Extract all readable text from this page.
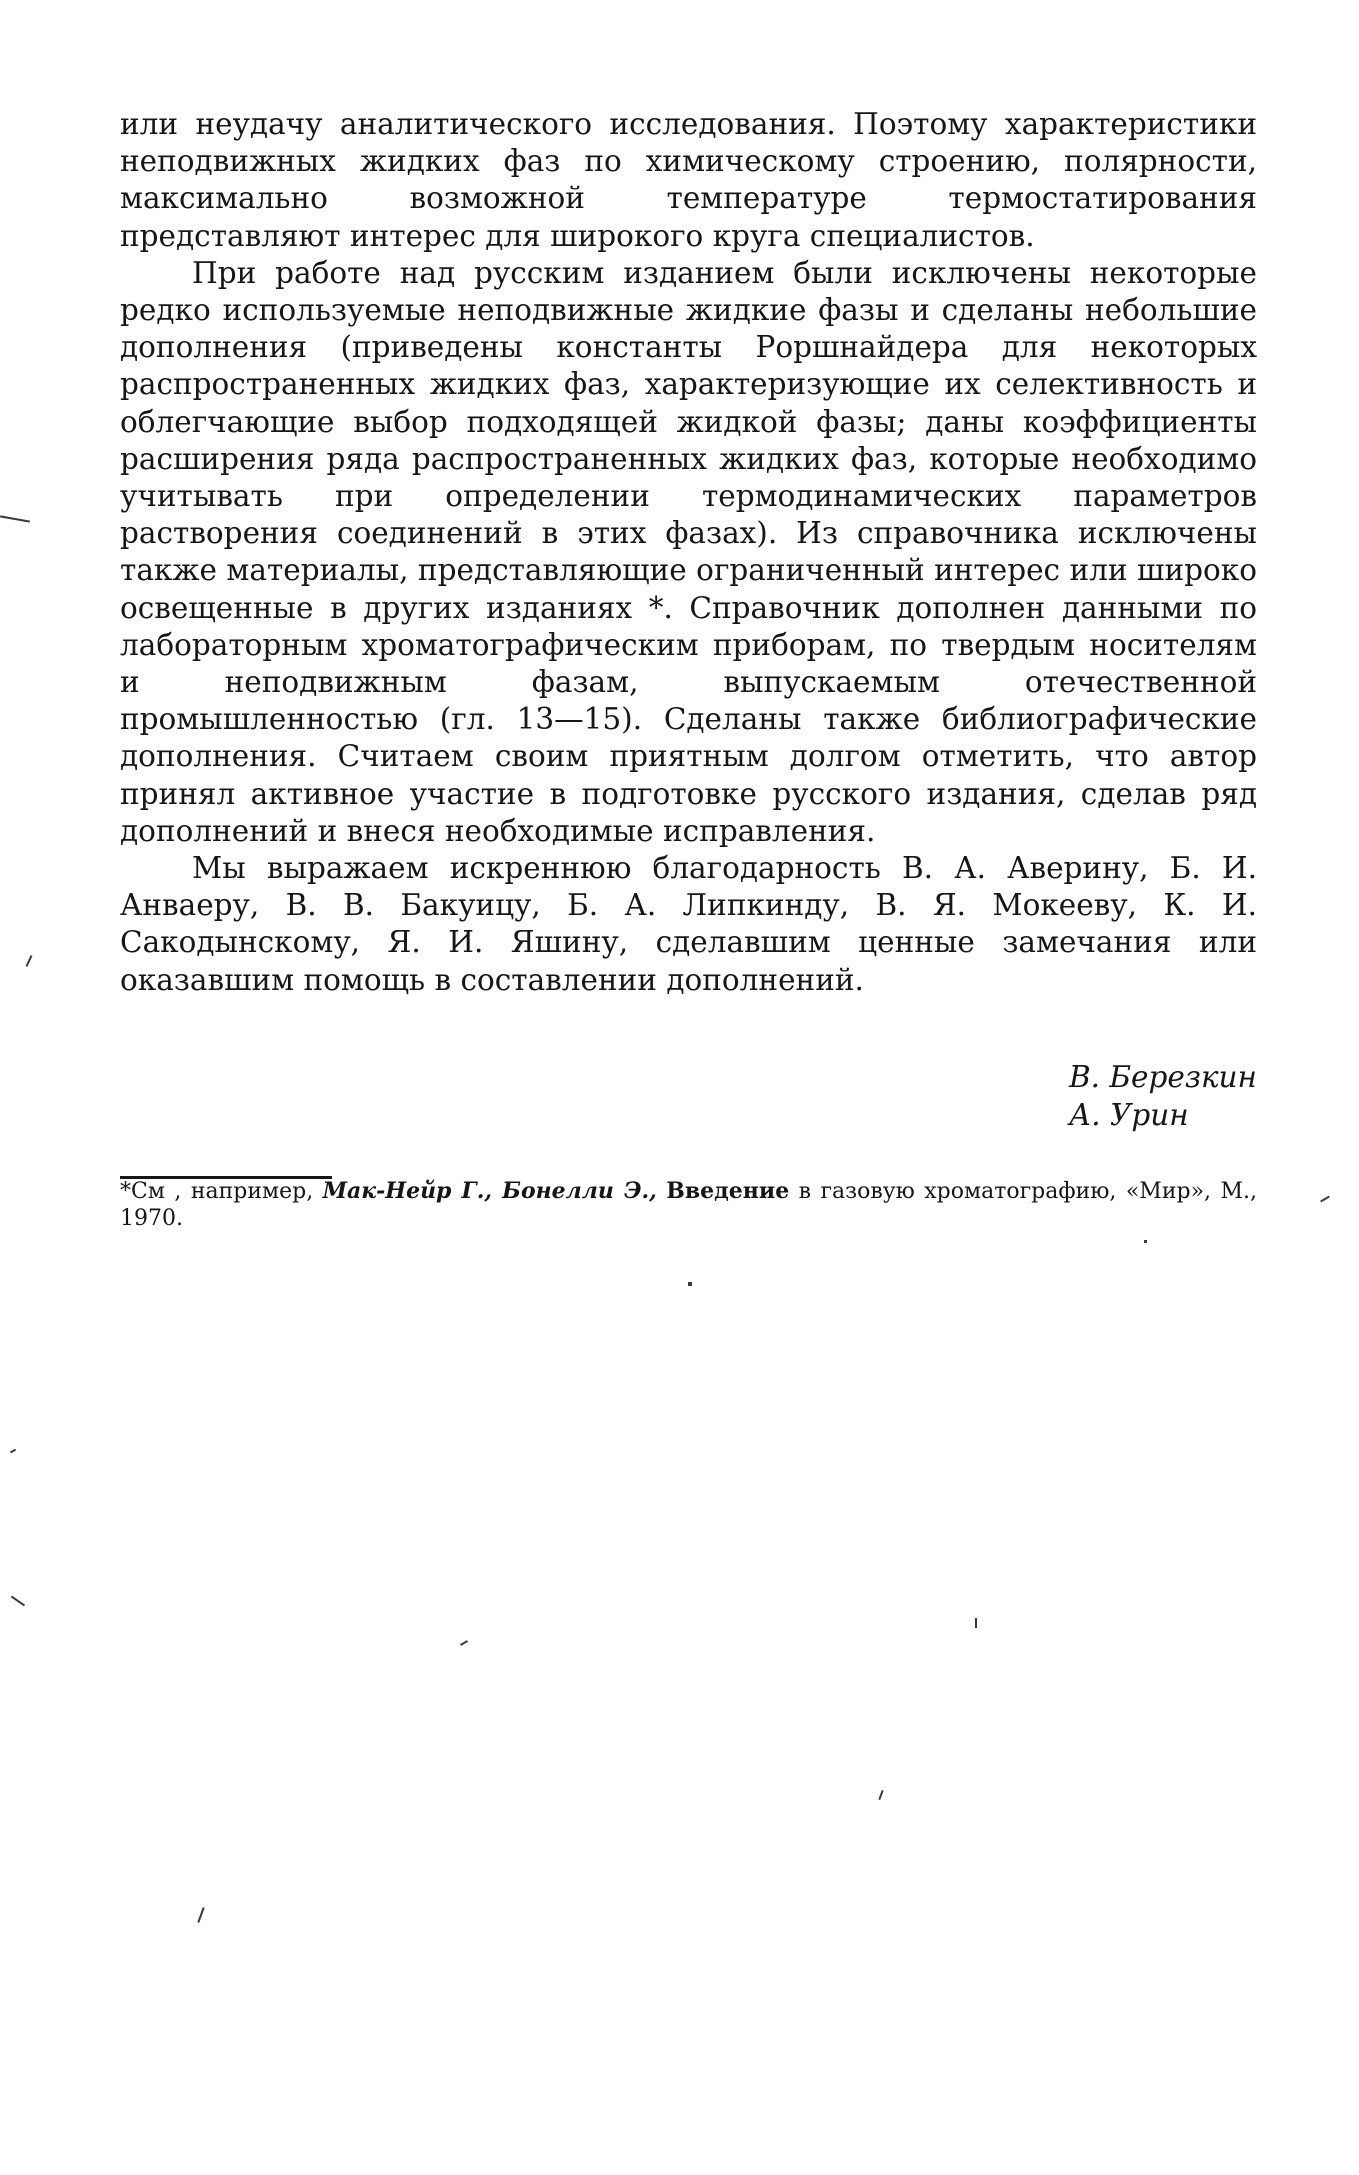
или неудачу аналитического исследования. Поэтому характеристики неподвижных жидких фаз по химическому строению, полярности, максимально возможной температуре термостатирования представляют интерес для широкого круга специалистов.

При работе над русским изданием были исключены некоторые редко используемые неподвижные жидкие фазы и сделаны небольшие дополнения (приведены константы Роршнайдера для некоторых распространенных жидких фаз, характеризующие их селективность и облегчающие выбор подходящей жидкой фазы; даны коэффициенты расширения ряда распространенных жидких фаз, которые необходимо учитывать при определении термодинамических параметров растворения соединений в этих фазах). Из справочника исключены также материалы, представляющие ограниченный интерес или широко освещенные в других изданиях *. Справочник дополнен данными по лабораторным хроматографическим приборам, по твердым носителям и неподвижным фазам, выпускаемым отечественной промышленностью (гл. 13—15). Сделаны также библиографические дополнения. Считаем своим приятным долгом отметить, что автор принял активное участие в подготовке русского издания, сделав ряд дополнений и внеся необходимые исправления.

Мы выражаем искреннюю благодарность В. А. Аверину, Б. И. Анваеру, В. В. Бакуицу, Б. А. Липкинду, В. Я. Мокееву, К. И. Сакодынскому, Я. И. Яшину, сделавшим ценные замечания или оказавшим помощь в составлении дополнений.

В. Березкин
А. Урин
*См , например, Мак-Нейр Г., Бонелли Э., Введение в газовую хроматографию, «Мир», М., 1970.
